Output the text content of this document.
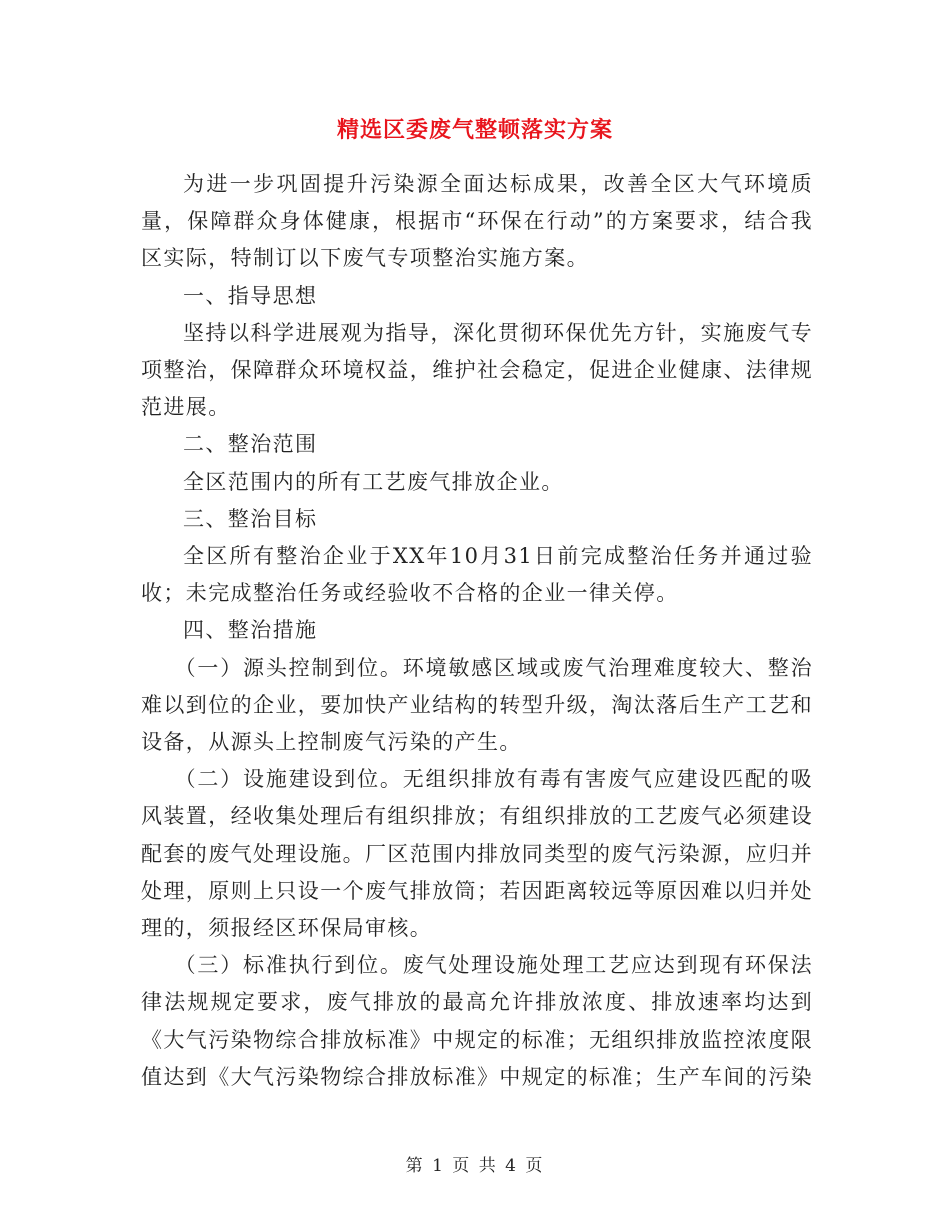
精选区委废气整顿落实方案

为进一步巩固提升污染源全面达标成果，改善全区大气环境质量，保障群众身体健康，根据市“环保在行动”的方案要求，结合我区实际，特制订以下废气专项整治实施方案。

一、指导思想

坚持以科学进展观为指导，深化贯彻环保优先方针，实施废气专项整治，保障群众环境权益，维护社会稳定，促进企业健康、法律规范进展。

二、整治范围

全区范围内的所有工艺废气排放企业。

三、整治目标

全区所有整治企业于XX年10月31日前完成整治任务并通过验收；未完成整治任务或经验收不合格的企业一律关停。

四、整治措施

（一）源头控制到位。环境敏感区域或废气治理难度较大、整治难以到位的企业，要加快产业结构的转型升级，淘汰落后生产工艺和设备，从源头上控制废气污染的产生。

（二）设施建设到位。无组织排放有毒有害废气应建设匹配的吸风装置，经收集处理后有组织排放；有组织排放的工艺废气必须建设配套的废气处理设施。厂区范围内排放同类型的废气污染源，应归并处理，原则上只设一个废气排放筒；若因距离较远等原因难以归并处理的，须报经区环保局审核。

（三）标准执行到位。废气处理设施处理工艺应达到现有环保法律法规规定要求，废气排放的最高允许排放浓度、排放速率均达到《大气污染物综合排放标准》中规定的标准；无组织排放监控浓度限值达到《大气污染物综合排放标准》中规定的标准；生产车间的污染

第 1 页 共 4 页
